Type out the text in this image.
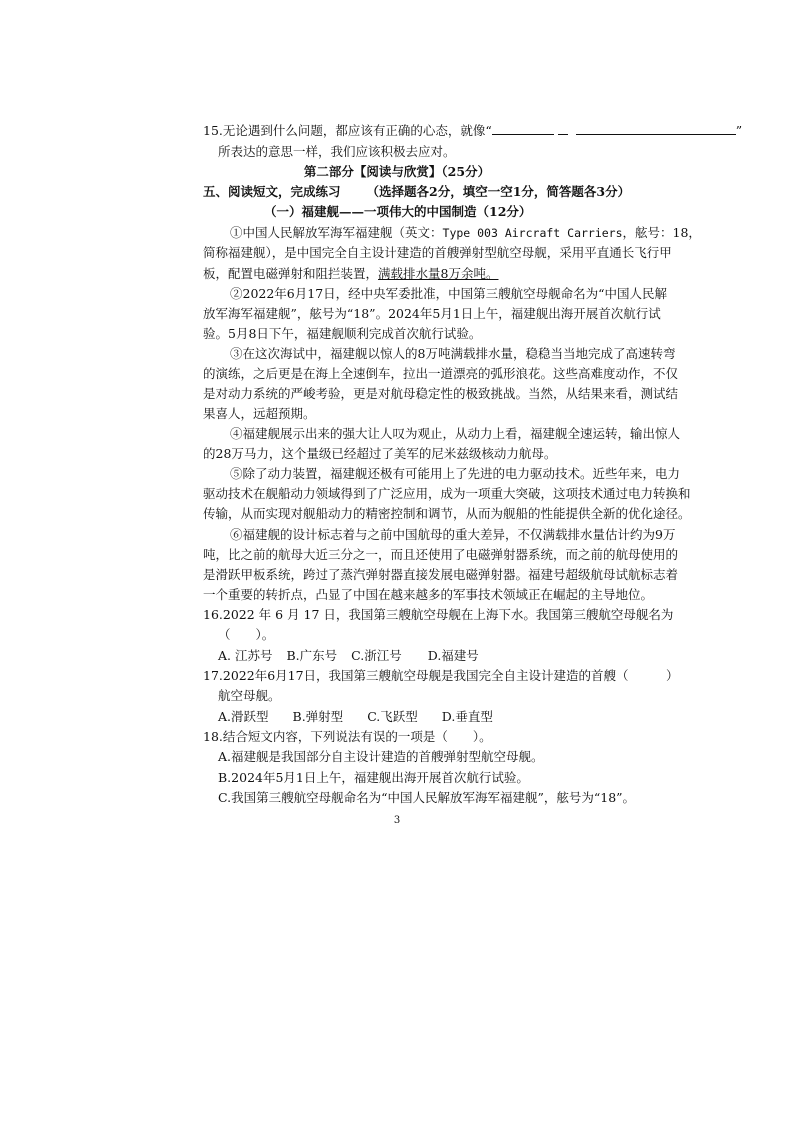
15.无论遇到什么问题，都应该有正确的心态，就像“	”
所表达的意思一样，我们应该积极去应对。
第二部分【阅读与欣赏】（25分）
五、阅读短文，完成练习 （选择题各2分，填空一空1分，简答题各3分）
（一）福建舰——一项伟大的中国制造（12分）
①中国人民解放军海军福建舰（英文：Type 003 Aircraft Carriers，舷号：18，
简称福建舰），是中国完全自主设计建造的首艘弹射型航空母舰，采用平直通长飞行甲
板，配置电磁弹射和阻拦装置，满载排水量8万余吨。
②2022年6月17日，经中央军委批准，中国第三艘航空母舰命名为“中国人民解
放军海军福建舰”，舷号为“18”。2024年5月1日上午，福建舰出海开展首次航行试
验。5月8日下午，福建舰顺利完成首次航行试验。
③在这次海试中，福建舰以惊人的8万吨满载排水量，稳稳当当地完成了高速转弯
的演练，之后更是在海上全速倒车，拉出一道漂亮的弧形浪花。这些高难度动作，不仅
是对动力系统的严峻考验，更是对航母稳定性的极致挑战。当然，从结果来看，测试结
果喜人，远超预期。
④福建舰展示出来的强大让人叹为观止，从动力上看，福建舰全速运转，输出惊人
的28万马力，这个量级已经超过了美军的尼米兹级核动力航母。
⑤除了动力装置，福建舰还极有可能用上了先进的电力驱动技术。近些年来，电力
驱动技术在舰船动力领域得到了广泛应用，成为一项重大突破，这项技术通过电力转换和
传输，从而实现对舰船动力的精密控制和调节，从而为舰船的性能提供全新的优化途径。
⑥福建舰的设计标志着与之前中国航母的重大差异，不仅满载排水量估计约为9万
吨，比之前的航母大近三分之一，而且还使用了电磁弹射器系统，而之前的航母使用的
是滑跃甲板系统，跨过了蒸汽弹射器直接发展电磁弹射器。福建号超级航母试航标志着
一个重要的转折点，凸显了中国在越来越多的军事技术领域正在崛起的主导地位。
16.2022 年 6 月 17 日，我国第三艘航空母舰在上海下水。我国第三艘航空母舰名为
（　　）。
A. 江苏号 B.广东号 C.浙江号 D.福建号
17.2022年6月17日，我国第三艘航空母舰是我国完全自主设计建造的首艘（　　　）
航空母舰。
A.滑跃型 B.弹射型 C.飞跃型 D.垂直型
18.结合短文内容，下列说法有误的一项是（　　）。
A.福建舰是我国部分自主设计建造的首艘弹射型航空母舰。
B.2024年5月1日上午，福建舰出海开展首次航行试验。
C.我国第三艘航空母舰命名为“中国人民解放军海军福建舰”，舷号为“18”。
3
